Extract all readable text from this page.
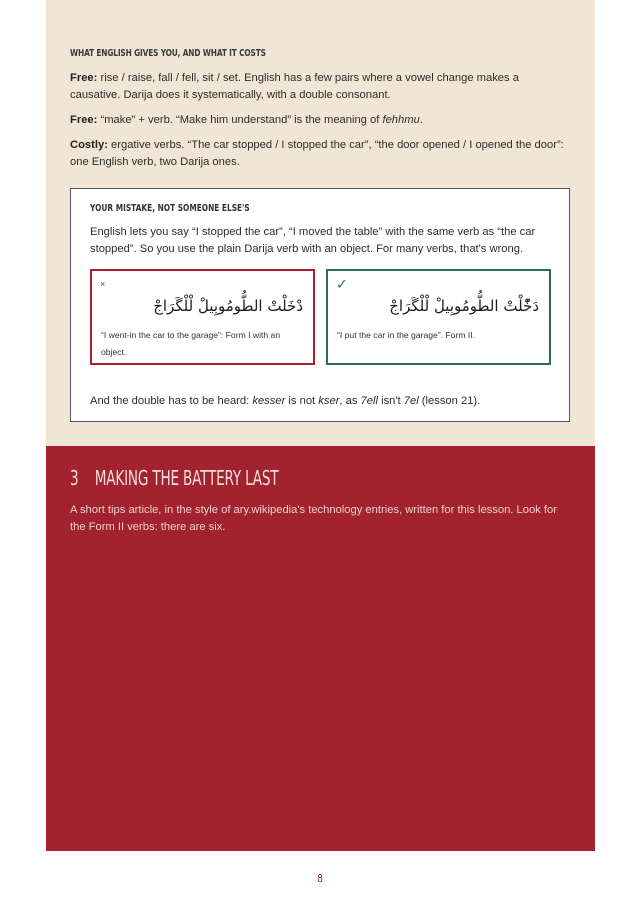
WHAT ENGLISH GIVES YOU, AND WHAT IT COSTS

Free: rise / raise, fall / fell, sit / set. English has a few pairs where a vowel change makes a causative. Darija does it systematically, with a double consonant.

Free: “make” + verb. “Make him understand” is the meaning of fehhmu.

Costly: ergative verbs. “The car stopped / I stopped the car”, “the door opened / I opened the door”: one English verb, two Darija ones.

YOUR MISTAKE, NOT SOMEONE ELSE'S

English lets you say “I stopped the car”, “I moved the table” with the same verb as “the car stopped”. So you use the plain Darija verb with an object. For many verbs, that's wrong.

×
دْخَلْتْ الطُّومُوبِيلْ لْلْگَرَاجْ
“I went-in the car to the garage”: Form I with an object.
✓
دَخّْلْتْ الطُّومُوبِيلْ لْلْگَرَاجْ
“I put the car in the garage”. Form II.
And the double has to be heard: kesser is not kser, as 7ell isn't 7el (lesson 21).
3 MAKING THE BATTERY LAST
A short tips article, in the style of ary.wikipedia's technology entries, written for this lesson. Look for the Form II verbs: there are six.
8
